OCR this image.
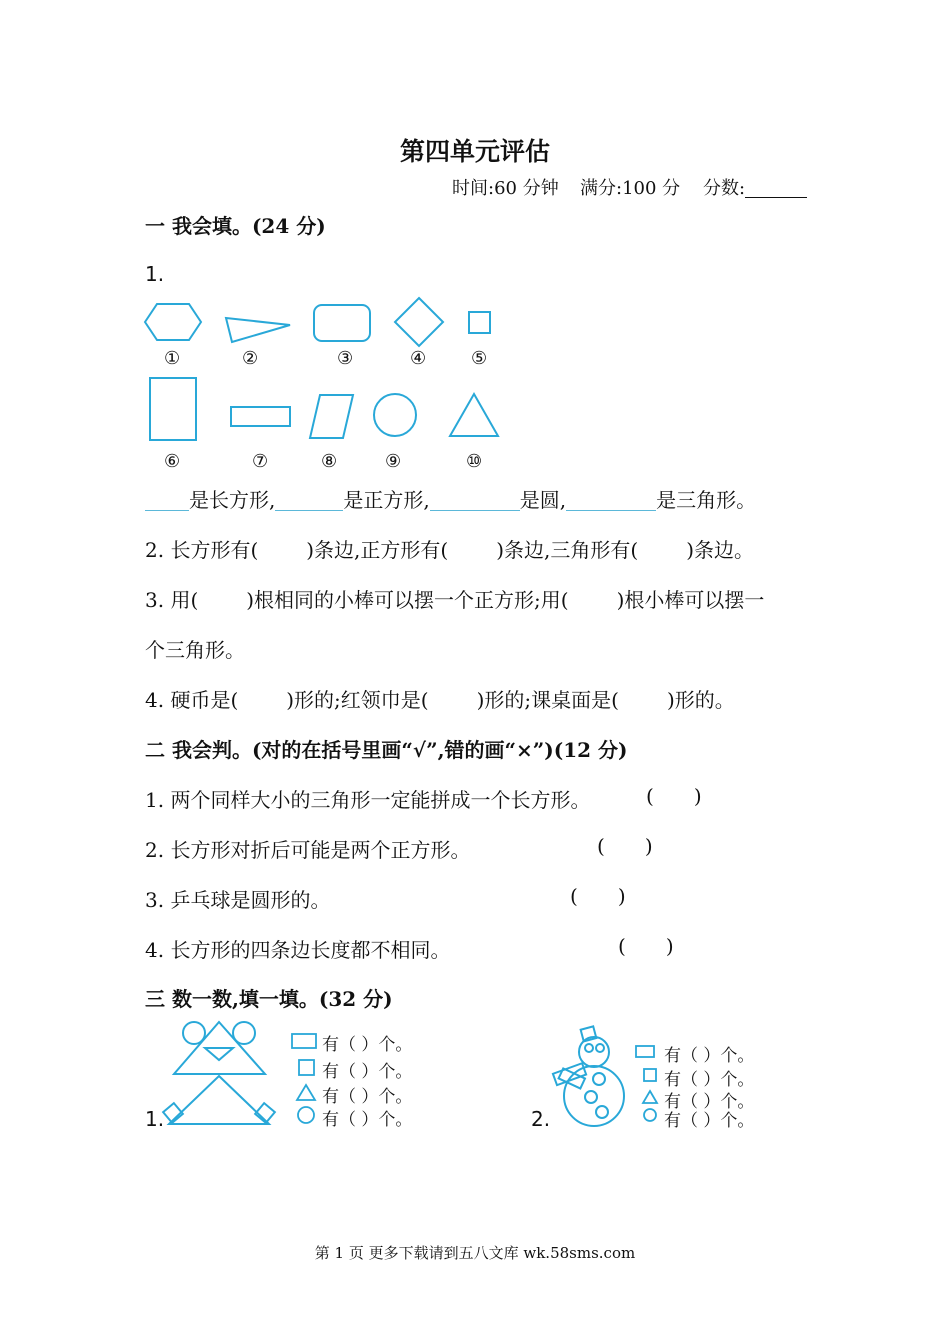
第四单元评估
时间:60 分钟 满分:100 分 分数:
一 我会填。(24 分)
1.
①	②	③	④ ⑤
⑥	⑦	⑧	⑨	⑩
是长方形,	是正方形,	是圆,	是三角形。
2. 长方形有( )条边,正方形有( )条边,三角形有( )条边。
3. 用( )根相同的小棒可以摆一个正方形;用( )根小棒可以摆一
个三角形。
4. 硬币是( )形的;红领巾是( )形的;课桌面是( )形的。
二 我会判。(对的在括号里画“√”,错的画“×”)(12 分)
1. 两个同样大小的三角形一定能拼成一个长方形。	( )
2. 长方形对折后可能是两个正方形。	( )
3. 乒乓球是圆形的。	( )
4. 长方形的四条边长度都不相同。	( )
三 数一数,填一填。(32 分)
1.	2.
有（ ）个。
有（ ）个。
有（ ）个。
有（ ）个。
有（ ）个。
有（ ）个。
有（ ）个。
有（ ）个。
第 1 页 更多下载请到五八文库 wk.58sms.com
